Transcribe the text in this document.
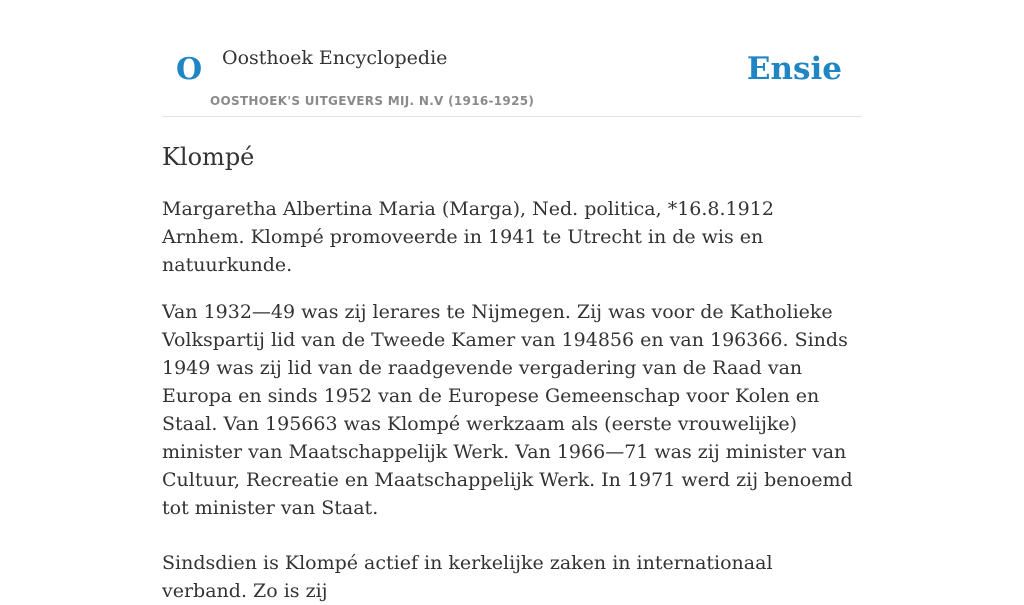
O Oosthoek Encyclopedie
OOSTHOEK'S UITGEVERS MIJ. N.V (1916-1925)
Ensie
Klompé

Margaretha Albertina Maria (Marga), Ned. politica, *16.8.1912 Arnhem. Klompé promoveerde in 1941 te Utrecht in de wis en natuurkunde.

Van 1932—49 was zij lerares te Nijmegen. Zij was voor de Katholieke Volkspartij lid van de Tweede Kamer van 194856 en van 196366. Sinds 1949 was zij lid van de raadgevende vergadering van de Raad van Europa en sinds 1952 van de Europese Gemeenschap voor Kolen en Staal. Van 195663 was Klompé werkzaam als (eerste vrouwelijke) minister van Maatschappelijk Werk. Van 1966—71 was zij minister van Cultuur, Recreatie en Maatschappelijk Werk. In 1971 werd zij benoemd tot minister van Staat.

Sindsdien is Klompé actief in kerkelijke zaken in internationaal verband. Zo is zij
